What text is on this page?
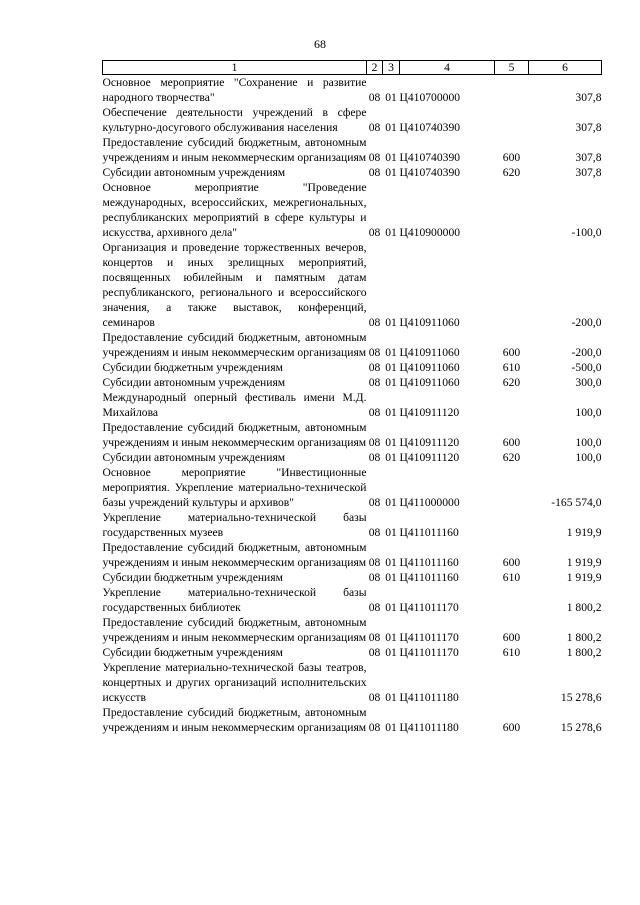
68
1	2	3	4	5	6
Основное мероприятие "Сохранение и развитие народного творчества"	08	01	Ц410700000		307,8
Обеспечение деятельности учреждений в сфере культурно-досугового обслуживания населения	08	01	Ц410740390		307,8
Предоставление субсидий бюджетным, автономным учреждениям и иным некоммерческим организациям	08	01	Ц410740390	600	307,8
Субсидии автономным учреждениям	08	01	Ц410740390	620	307,8
Основное мероприятие "Проведение международных, всероссийских, межрегиональных, республиканских мероприятий в сфере культуры и искусства, архивного дела"	08	01	Ц410900000		-100,0
Организация и проведение торжественных вечеров, концертов и иных зрелищных мероприятий, посвященных юбилейным и памятным датам республиканского, регионального и всероссийского значения, а также выставок, конференций, семинаров	08	01	Ц410911060		-200,0
Предоставление субсидий бюджетным, автономным учреждениям и иным некоммерческим организациям	08	01	Ц410911060	600	-200,0
Субсидии бюджетным учреждениям	08	01	Ц410911060	610	-500,0
Субсидии автономным учреждениям	08	01	Ц410911060	620	300,0
Международный оперный фестиваль имени М.Д. Михайлова	08	01	Ц410911120		100,0
Предоставление субсидий бюджетным, автономным учреждениям и иным некоммерческим организациям	08	01	Ц410911120	600	100,0
Субсидии автономным учреждениям	08	01	Ц410911120	620	100,0
Основное мероприятие "Инвестиционные мероприятия. Укрепление материально-технической базы учреждений культуры и архивов"	08	01	Ц411000000		-165 574,0
Укрепление материально-технической базы государственных музеев	08	01	Ц411011160		1 919,9
Предоставление субсидий бюджетным, автономным учреждениям и иным некоммерческим организациям	08	01	Ц411011160	600	1 919,9
Субсидии бюджетным учреждениям	08	01	Ц411011160	610	1 919,9
Укрепление материально-технической базы государственных библиотек	08	01	Ц411011170		1 800,2
Предоставление субсидий бюджетным, автономным учреждениям и иным некоммерческим организациям	08	01	Ц411011170	600	1 800,2
Субсидии бюджетным учреждениям	08	01	Ц411011170	610	1 800,2
Укрепление материально-технической базы театров, концертных и других организаций исполнительских искусств	08	01	Ц411011180		15 278,6
Предоставление субсидий бюджетным, автономным учреждениям и иным некоммерческим организациям	08	01	Ц411011180	600	15 278,6
